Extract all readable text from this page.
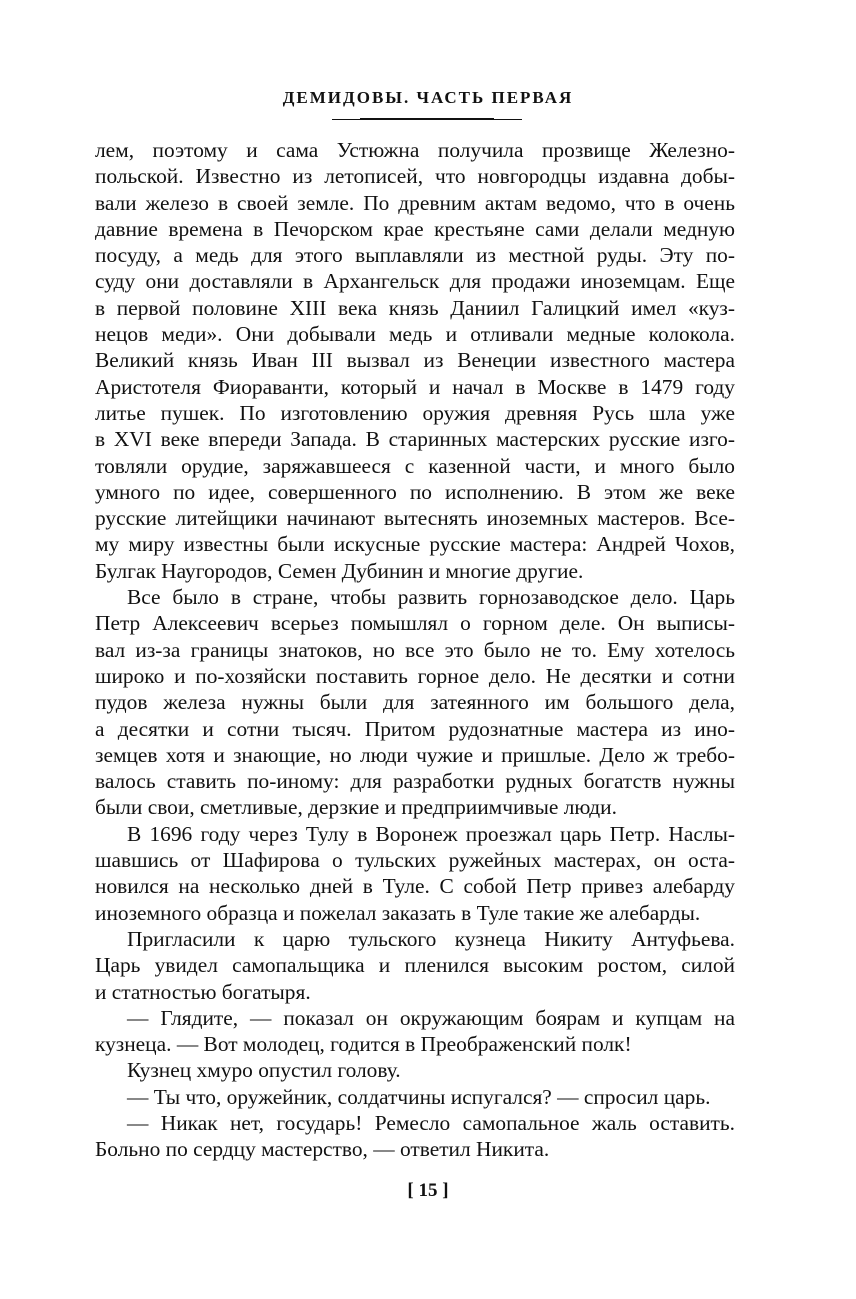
ДЕМИДОВЫ. ЧАСТЬ ПЕРВАЯ
лем, поэтому и сама Устюжна получила прозвище Железно-
польской. Известно из летописей, что новгородцы издавна добы-
вали железо в своей земле. По древним актам ведомо, что в очень
давние времена в Печорском крае крестьяне сами делали медную
посуду, а медь для этого выплавляли из местной руды. Эту по-
суду они доставляли в Архангельск для продажи иноземцам. Еще
в первой половине XIII века князь Даниил Галицкий имел «куз-
нецов меди». Они добывали медь и отливали медные колокола.
Великий князь Иван III вызвал из Венеции известного мастера
Аристотеля Фиораванти, который и начал в Москве в 1479 году
литье пушек. По изготовлению оружия древняя Русь шла уже
в XVI веке впереди Запада. В старинных мастерских русские изго-
товляли орудие, заряжавшееся с казенной части, и много было
умного по идее, совершенного по исполнению. В этом же веке
русские литейщики начинают вытеснять иноземных мастеров. Все-
му миру известны были искусные русские мастера: Андрей Чохов,
Булгак Наугородов, Семен Дубинин и многие другие.
Все было в стране, чтобы развить горнозаводское дело. Царь
Петр Алексеевич всерьез помышлял о горном деле. Он выписы-
вал из-за границы знатоков, но все это было не то. Ему хотелось
широко и по-хозяйски поставить горное дело. Не десятки и сотни
пудов железа нужны были для затеянного им большого дела,
а десятки и сотни тысяч. Притом рудознатные мастера из ино-
земцев хотя и знающие, но люди чужие и пришлые. Дело ж требо-
валось ставить по-иному: для разработки рудных богатств нужны
были свои, сметливые, дерзкие и предприимчивые люди.
В 1696 году через Тулу в Воронеж проезжал царь Петр. Наслы-
шавшись от Шафирова о тульских ружейных мастерах, он оста-
новился на несколько дней в Туле. С собой Петр привез алебарду
иноземного образца и пожелал заказать в Туле такие же алебарды.
Пригласили к царю тульского кузнеца Никиту Антуфьева.
Царь увидел самопальщика и пленился высоким ростом, силой
и статностью богатыря.
— Глядите, — показал он окружающим боярам и купцам на
кузнеца. — Вот молодец, годится в Преображенский полк!
Кузнец хмуро опустил голову.
— Ты что, оружейник, солдатчины испугался? — спросил царь.
— Никак нет, государь! Ремесло самопальное жаль оставить.
Больно по сердцу мастерство, — ответил Никита.
[ 15 ]
